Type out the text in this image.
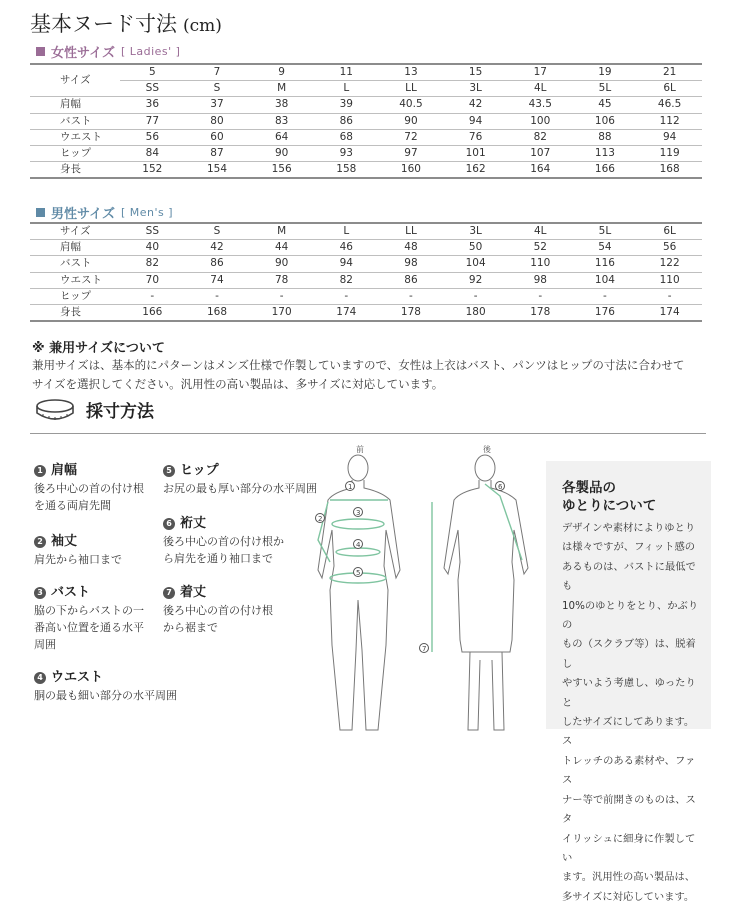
基本ヌード寸法 (cm)
女性サイズ [ Ladies' ]
サイズ	5	7	9	11	13	15	17	19	21
	SS	S	M	L	LL	3L	4L	5L	6L
肩幅	36	37	38	39	40.5	42	43.5	45	46.5
バスト	77	80	83	86	90	94	100	106	112
ウエスト	56	60	64	68	72	76	82	88	94
ヒップ	84	87	90	93	97	101	107	113	119
身長	152	154	156	158	160	162	164	166	168
男性サイズ [ Men's ]
サイズ	SS	S	M	L	LL	3L	4L	5L	6L
肩幅	40	42	44	46	48	50	52	54	56
バスト	82	86	90	94	98	104	110	116	122
ウエスト	70	74	78	82	86	92	98	104	110
ヒップ	-	-	-	-	-	-	-	-	-
身長	166	168	170	174	178	180	178	176	174
※ 兼用サイズについて
兼用サイズは、基本的にパターンはメンズ仕様で作製していますので、女性は上衣はバスト、パンツはヒップの寸法に合わせて
サイズを選択してください。汎用性の高い製品は、多サイズに対応しています。
採寸方法
1 肩幅
後ろ中心の首の付け根
を通る両肩先間
2 袖丈
肩先から袖口まで
3 バスト
脇の下からバストの一
番高い位置を通る水平
周囲
4 ウエスト
胴の最も細い部分の水平周囲
5 ヒップ
お尻の最も厚い部分の水平周囲
6 裄丈
後ろ中心の首の付け根か
ら肩先を通り袖口まで
7 着丈
後ろ中心の首の付け根
から裾まで
前	後
1
2
3
4
5
6
7
各製品の
ゆとりについて
デザインや素材によりゆとり
は様々ですが、フィット感の
あるものは、バストに最低でも
10%のゆとりをとり、かぶりの
もの（スクラブ等）は、脱着し
やすいよう考慮し、ゆったりと
したサイズにしてあります。ス
トレッチのある素材や、ファス
ナー等で前開きのものは、スタ
イリッシュに細身に作製してい
ます。汎用性の高い製品は、
多サイズに対応しています。
